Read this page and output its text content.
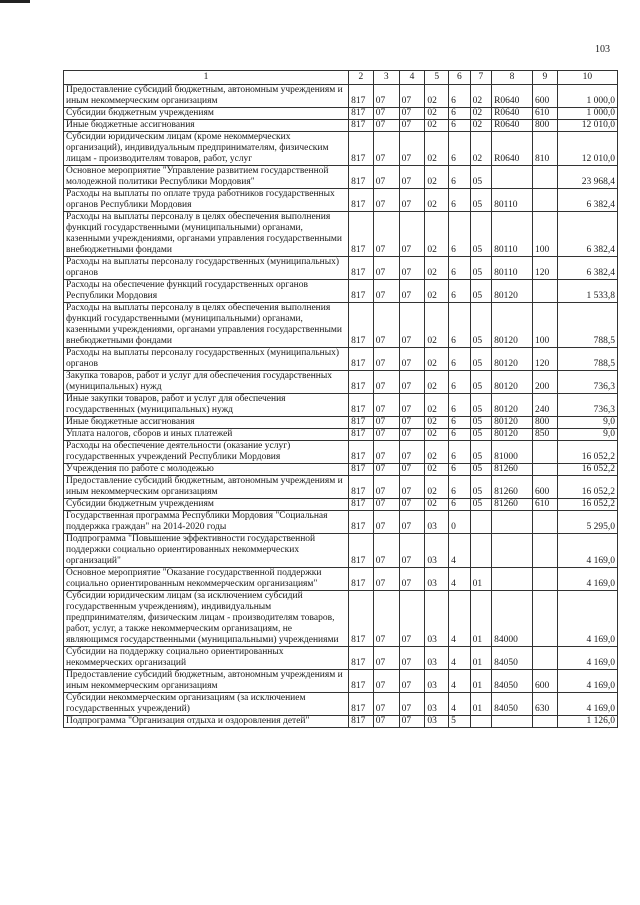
103
1	2	3	4	5	6	7	8	9	10
Предоставление субсидий бюджетным, автономным учреждениям и иным некоммерческим организациям	817	07	07	02	6	02	R0640	600	1 000,0
Субсидии бюджетным учреждениям	817	07	07	02	6	02	R0640	610	1 000,0
Иные бюджетные ассигнования	817	07	07	02	6	02	R0640	800	12 010,0
Субсидии юридическим лицам (кроме некоммерческих организаций), индивидуальным предпринимателям, физическим лицам - производителям товаров, работ, услуг	817	07	07	02	6	02	R0640	810	12 010,0
Основное мероприятие "Управление развитием государственной молодежной политики Республики Мордовия"	817	07	07	02	6	05			23 968,4
Расходы на выплаты по оплате труда работников государственных органов Республики Мордовия	817	07	07	02	6	05	80110		6 382,4
Расходы на выплаты персоналу в целях обеспечения выполнения функций государственными (муниципальными) органами, казенными учреждениями, органами управления государственными внебюджетными фондами	817	07	07	02	6	05	80110	100	6 382,4
Расходы на выплаты персоналу государственных (муниципальных) органов	817	07	07	02	6	05	80110	120	6 382,4
Расходы на обеспечение функций государственных органов Республики Мордовия	817	07	07	02	6	05	80120		1 533,8
Расходы на выплаты персоналу в целях обеспечения выполнения функций государственными (муниципальными) органами, казенными учреждениями, органами управления государственными внебюджетными фондами	817	07	07	02	6	05	80120	100	788,5
Расходы на выплаты персоналу государственных (муниципальных) органов	817	07	07	02	6	05	80120	120	788,5
Закупка товаров, работ и услуг для обеспечения государственных (муниципальных) нужд	817	07	07	02	6	05	80120	200	736,3
Иные закупки товаров, работ и услуг для обеспечения государственных (муниципальных) нужд	817	07	07	02	6	05	80120	240	736,3
Иные бюджетные ассигнования	817	07	07	02	6	05	80120	800	9,0
Уплата налогов, сборов и иных платежей	817	07	07	02	6	05	80120	850	9,0
Расходы на обеспечение деятельности (оказание услуг) государственных учреждений Республики Мордовия	817	07	07	02	6	05	81000		16 052,2
Учреждения по работе с молодежью	817	07	07	02	6	05	81260		16 052,2
Предоставление субсидий бюджетным, автономным учреждениям и иным некоммерческим организациям	817	07	07	02	6	05	81260	600	16 052,2
Субсидии бюджетным учреждениям	817	07	07	02	6	05	81260	610	16 052,2
Государственная программа Республики Мордовия "Социальная поддержка граждан" на 2014-2020 годы	817	07	07	03	0				5 295,0
Подпрограмма "Повышение эффективности государственной поддержки социально ориентированных некоммерческих организаций"	817	07	07	03	4				4 169,0
Основное мероприятие "Оказание государственной поддержки социально ориентированным некоммерческим организациям"	817	07	07	03	4	01			4 169,0
Субсидии юридическим лицам (за исключением субсидий государственным учреждениям), индивидуальным предпринимателям, физическим лицам - производителям товаров, работ, услуг, а также некоммерческим организациям, не являющимся государственными (муниципальными) учреждениями	817	07	07	03	4	01	84000		4 169,0
Субсидии на поддержку социально ориентированных некоммерческих организаций	817	07	07	03	4	01	84050		4 169,0
Предоставление субсидий бюджетным, автономным учреждениям и иным некоммерческим организациям	817	07	07	03	4	01	84050	600	4 169,0
Субсидии некоммерческим организациям (за исключением государственных учреждений)	817	07	07	03	4	01	84050	630	4 169,0
Подпрограмма "Организация отдыха и оздоровления детей"	817	07	07	03	5				1 126,0
